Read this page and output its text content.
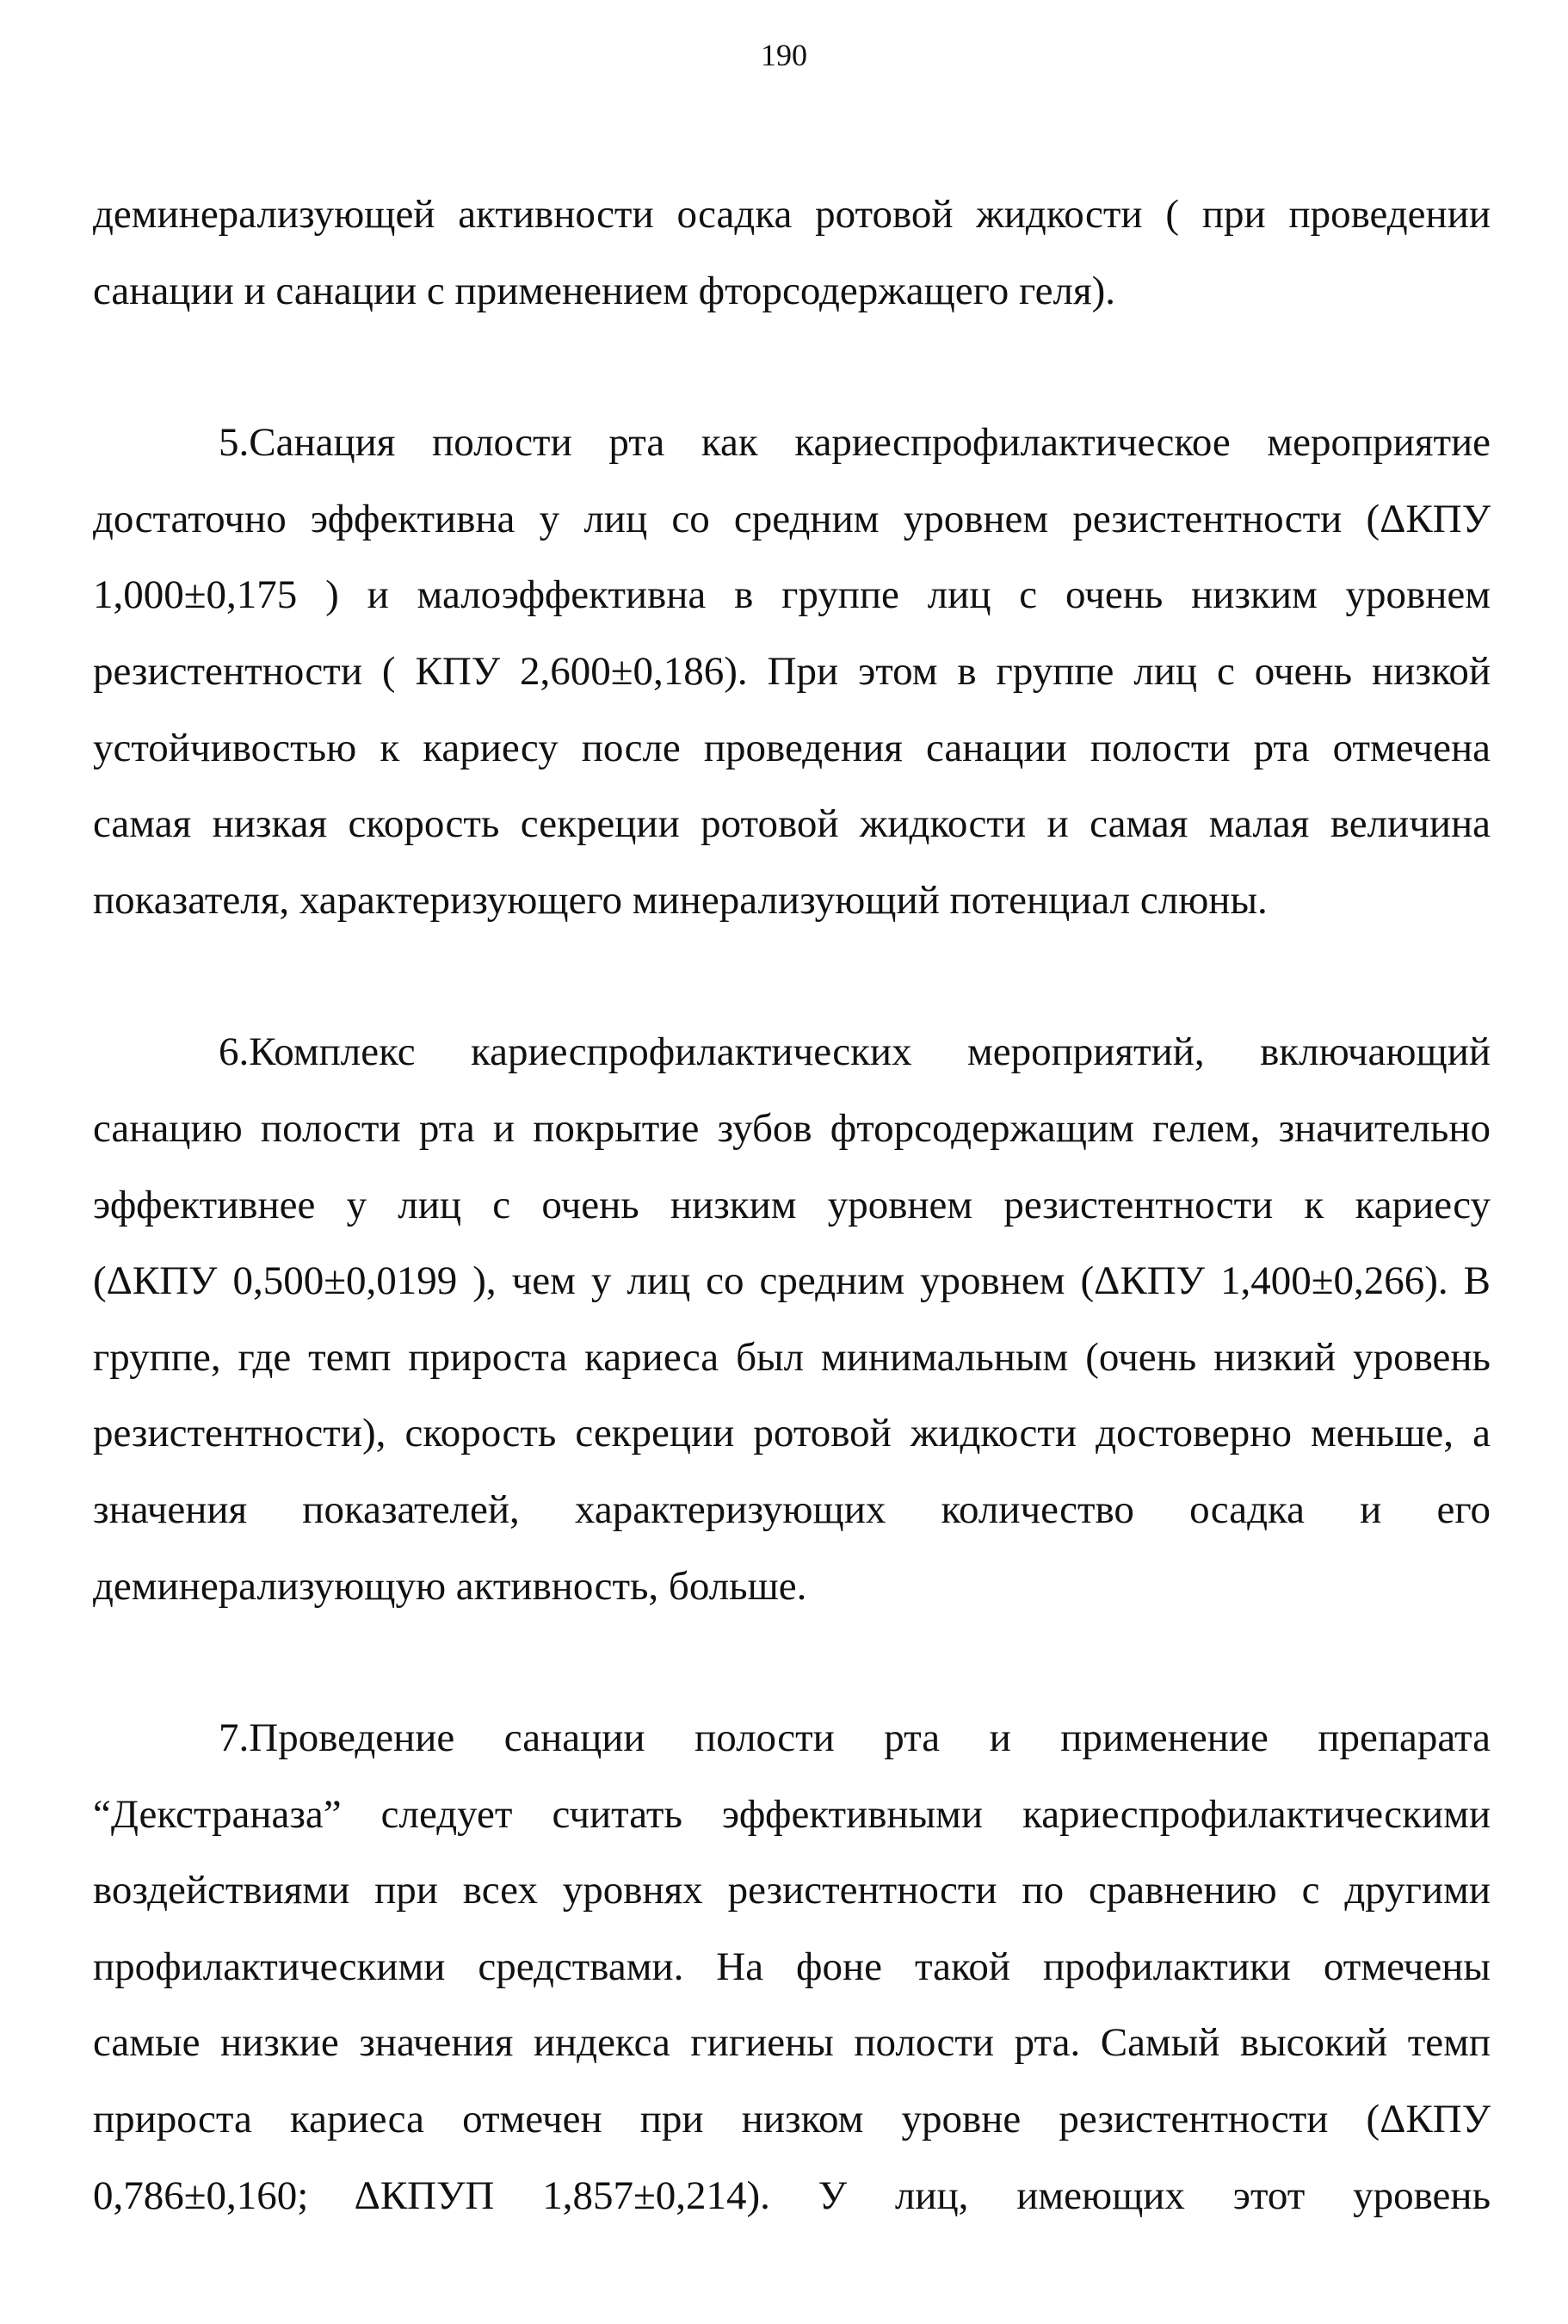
190
деминерализующей активности осадка ротовой жидкости ( при проведении
санации и санации с применением фторсодержащего геля).
5.Санация полости рта как кариеспрофилактическое мероприятие
достаточно эффективна у лиц со средним уровнем резистентности (ΔКПУ
1,000±0,175 ) и малоэффективна в группе лиц с очень низким уровнем
резистентности ( КПУ 2,600±0,186). При этом в группе лиц с очень низкой
устойчивостью к кариесу после проведения санации полости рта отмечена
самая низкая скорость секреции ротовой жидкости и самая малая величина
показателя, характеризующего минерализующий потенциал слюны.
6.Комплекс кариеспрофилактических мероприятий, включающий
санацию полости рта и покрытие зубов фторсодержащим гелем, значительно
эффективнее у лиц с очень низким уровнем резистентности к кариесу
(ΔКПУ 0,500±0,0199 ), чем у лиц со средним уровнем (ΔКПУ 1,400±0,266). В
группе, где темп прироста кариеса был минимальным (очень низкий уровень
резистентности), скорость секреции ротовой жидкости достоверно меньше, а
значения показателей, характеризующих количество осадка и его
деминерализующую активность, больше.
7.Проведение санации полости рта и применение препарата
“Декстраназа” следует считать эффективными кариеспрофилактическими
воздействиями при всех уровнях резистентности по сравнению с другими
профилактическими средствами. На фоне такой профилактики отмечены
самые низкие значения индекса гигиены полости рта. Самый высокий темп
прироста кариеса отмечен при низком уровне резистентности (ΔКПУ
0,786±0,160; ΔКПУП 1,857±0,214). У лиц, имеющих этот уровень
